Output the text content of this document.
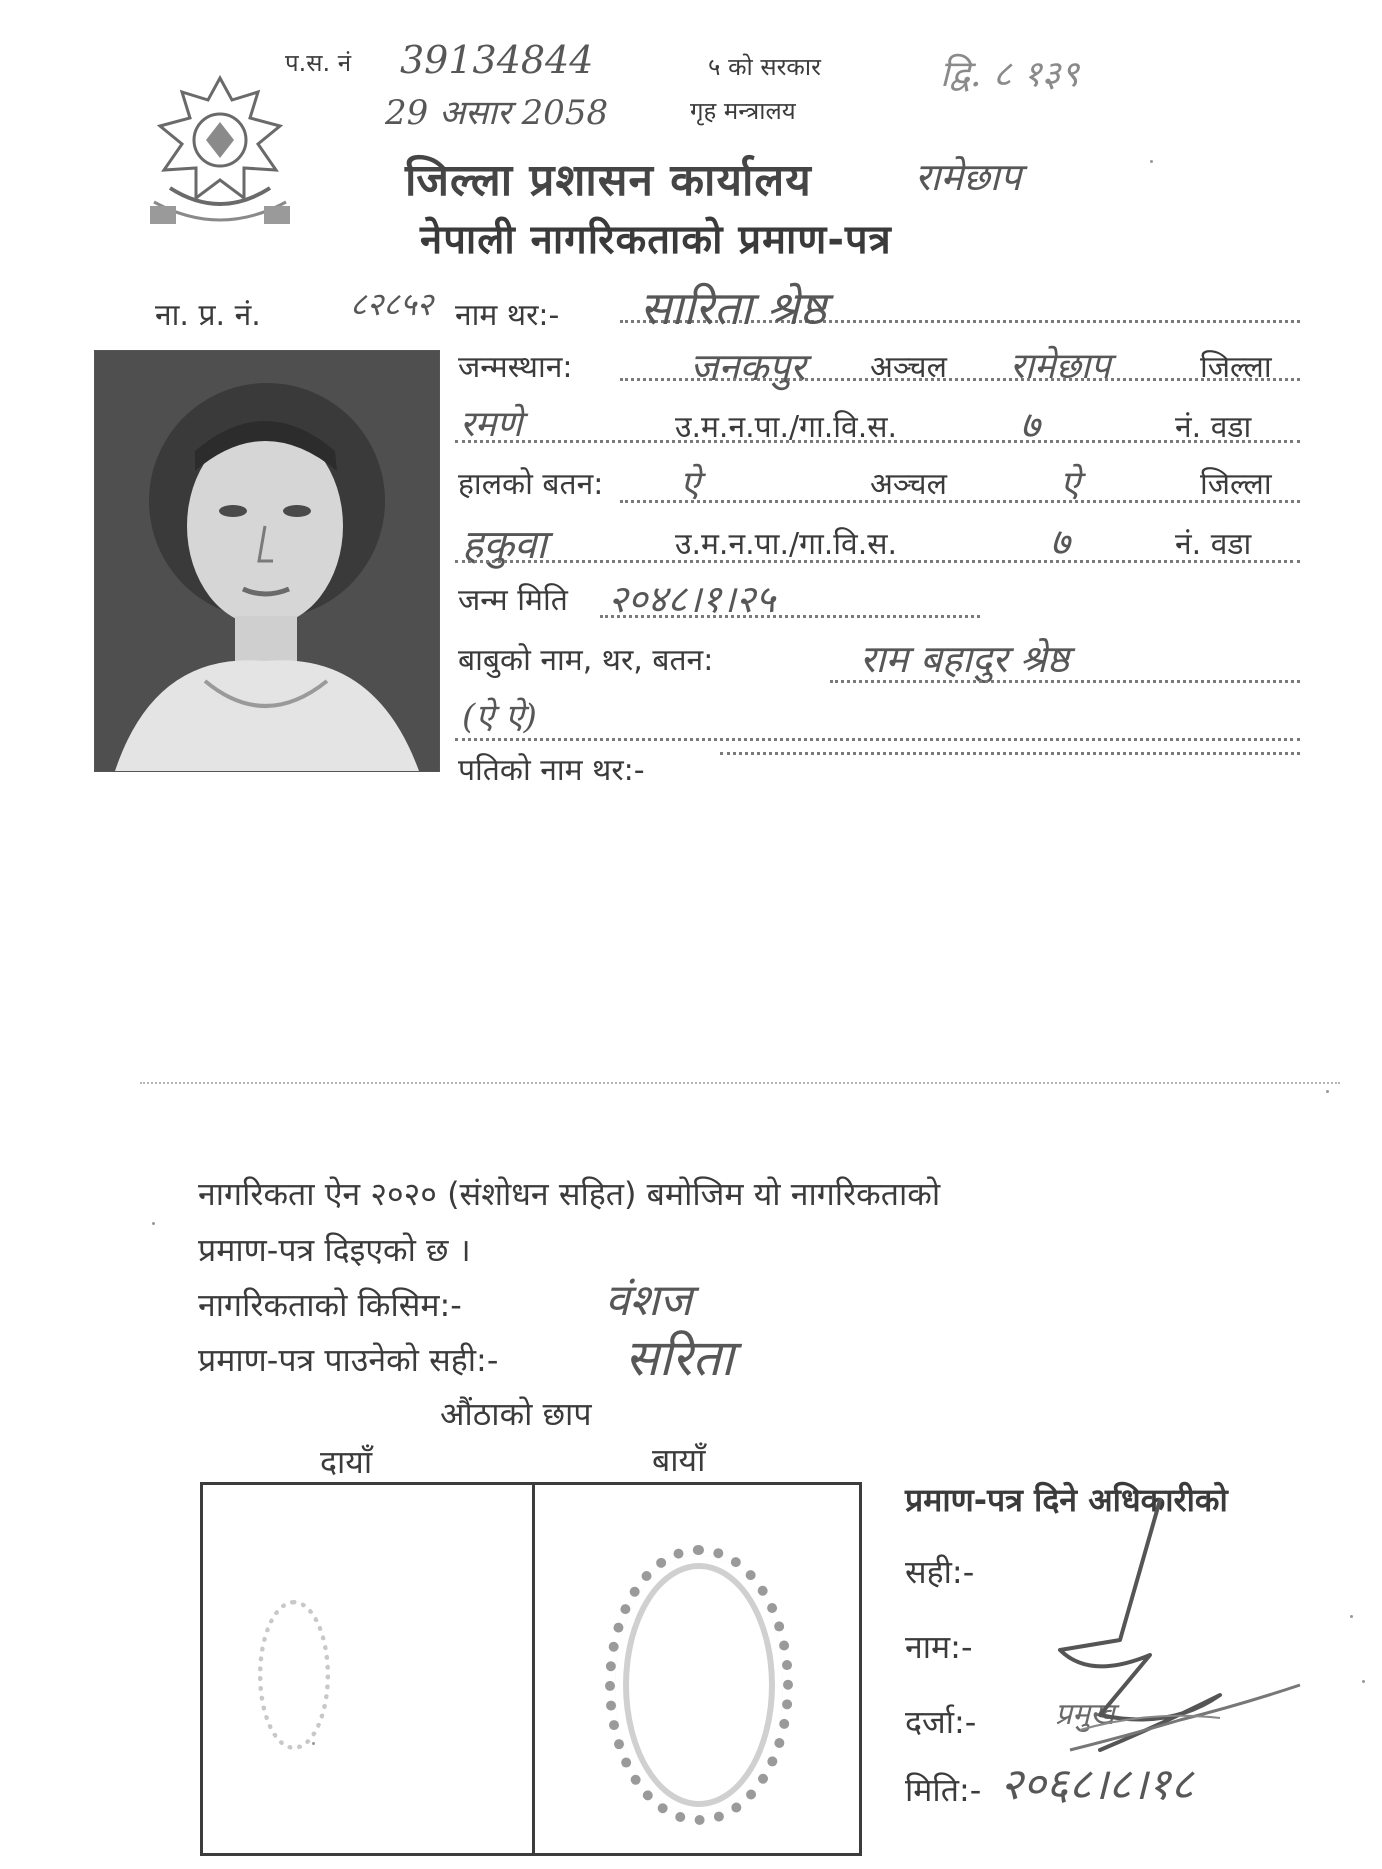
प.स. नं 39134844	५ को सरकार	द्वि. ८ १३९
29 असार 2058	गृह मन्त्रालय
जिल्ला प्रशासन कार्यालय	रामेछाप
नेपाली नागरिकताको प्रमाण-पत्र
ना. प्र. नं.	८२८५२ नाम थर:- सारिता श्रेष्ठ
जन्मस्थान:	जनकपुर अञ्चल रामेछाप	जिल्ला
रमणे	उ.म.न.पा./गा.वि.स.	७	नं. वडा
हालको बतन: ऐ	अञ्चल	ऐ	जिल्ला
हकुवा	उ.म.न.पा./गा.वि.स.	७	नं. वडा
जन्म मिति २०४८।१।२५
बाबुको नाम, थर, बतन:	राम बहादुर श्रेष्ठ
(ऐ ऐ)
पतिको नाम थर:-
नागरिकता ऐन २०२० (संशोधन सहित) बमोजिम यो नागरिकताको
प्रमाण-पत्र दिइएको छ ।
नागरिकताको किसिम:-	वंशज
प्रमाण-पत्र पाउनेको सही:-	सरिता
औंठाको छाप
दायाँ	बायाँ
प्रमाण-पत्र दिने अधिकारीको
सही:-
नाम:-
दर्जा:-	प्रमुख
मिति:- २०६८।८।१८
